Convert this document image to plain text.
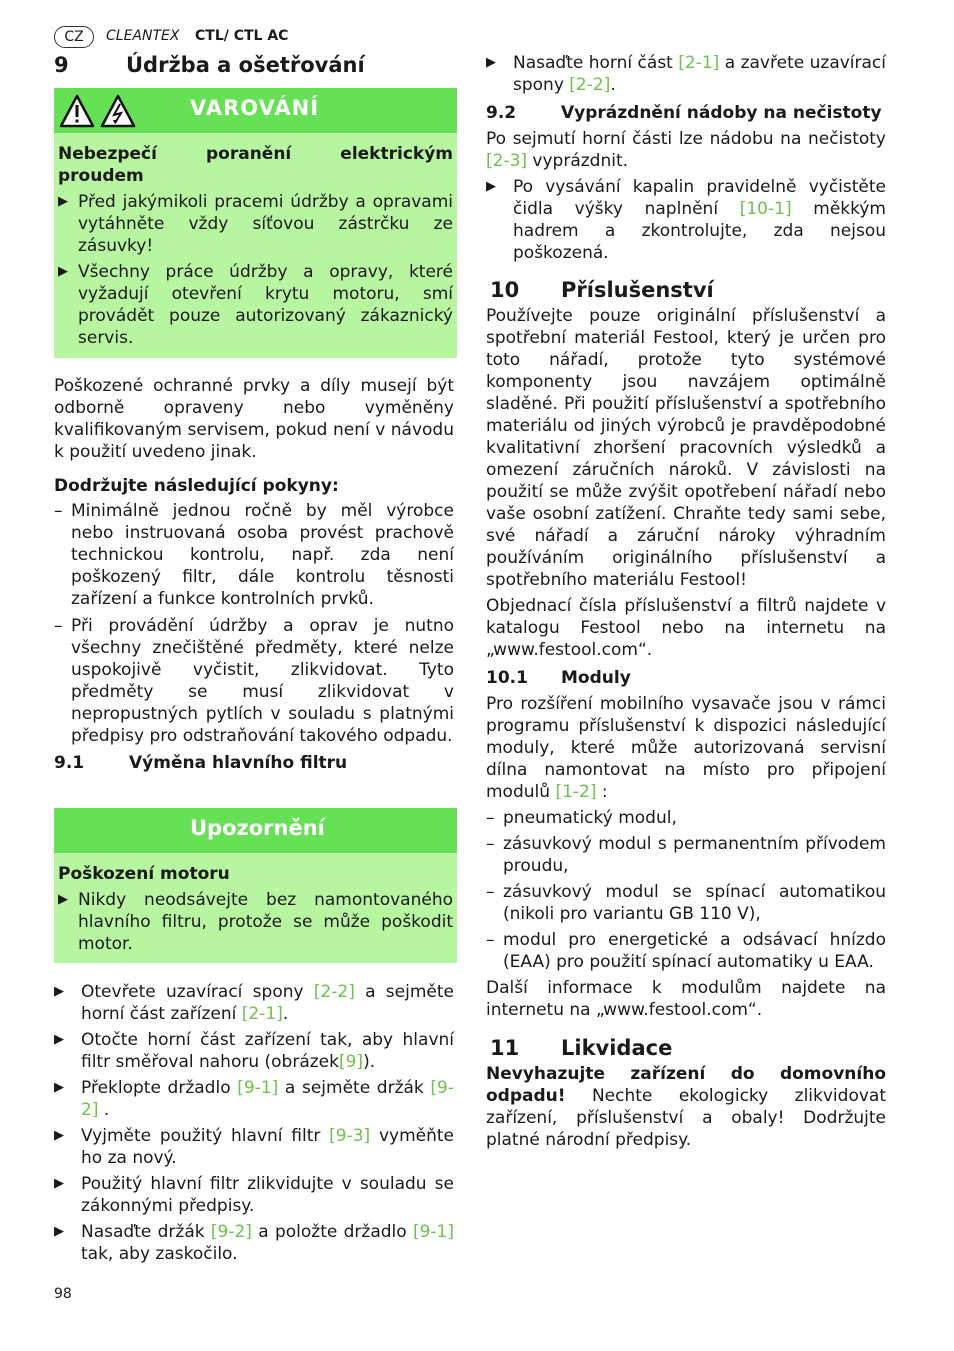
CZ	CLEANTEX CTL/ CTL AC
9	Údržba a ošetřování
VAROVÁNÍ

Nebezpečí poranění elektrickým proudem

▶ Před jakýmikoli pracemi údržby a opravami vytáhněte vždy síťovou zástrčku ze zásuvky!

▶ Všechny práce údržby a opravy, které vyžadují otevření krytu motoru, smí provádět pouze autorizovaný zákaznický servis.

Poškozené ochranné prvky a díly musejí být odborně opraveny nebo vyměněny kvalifikovaným servisem, pokud není v návodu k použití uvedeno jinak.

Dodržujte následující pokyny:

– Minimálně jednou ročně by měl výrobce nebo instruovaná osoba provést prachově technickou kontrolu, např. zda není poškozený filtr, dále kontrolu těsnosti zařízení a funkce kontrolních prvků.

– Při provádění údržby a oprav je nutno všechny znečištěné předměty, které nelze uspokojivě vyčistit, zlikvidovat. Tyto předměty se musí zlikvidovat v nepropustných pytlích v souladu s platnými předpisy pro odstraňování takového odpadu.

9.1	Výměna hlavního filtru
Upozornění

Poškození motoru

▶ Nikdy neodsávejte bez namontovaného hlavního filtru, protože se může poškodit motor.

▶ Otevřete uzavírací spony [2-2] a sejměte horní část zařízení [2-1].

▶ Otočte horní část zařízení tak, aby hlavní filtr směřoval nahoru (obrázek[9]).

▶ Překlopte držadlo [9-1] a sejměte držák [9-2] .

▶ Vyjměte použitý hlavní filtr [9-3] vyměňte ho za nový.

▶ Použitý hlavní filtr zlikvidujte v souladu se zákonnými předpisy.

▶ Nasaďte držák [9-2] a položte držadlo [9-1] tak, aby zaskočilo.

▶ Nasaďte horní část [2-1] a zavřete uzavírací spony [2-2].

9.2	Vyprázdnění nádoby na nečistoty

Po sejmutí horní části lze nádobu na nečistoty [2-3] vyprázdnit.

▶ Po vysávání kapalin pravidelně vyčistěte čidla výšky naplnění [10-1] měkkým hadrem a zkontrolujte, zda nejsou poškozená.

10 Příslušenství

Používejte pouze originální příslušenství a spotřební materiál Festool, který je určen pro toto nářadí, protože tyto systémové komponenty jsou navzájem optimálně sladěné. Při použití příslušenství a spotřebního materiálu od jiných výrobců je pravděpodobné kvalitativní zhoršení pracovních výsledků a omezení záručních nároků. V závislosti na použití se může zvýšit opotřebení nářadí nebo vaše osobní zatížení. Chraňte tedy sami sebe, své nářadí a záruční nároky výhradním používáním originálního příslušenství a spotřebního materiálu Festool!

Objednací čísla příslušenství a filtrů najdete v katalogu Festool nebo na internetu na „www.festool.com“.

10.1 Moduly

Pro rozšíření mobilního vysavače jsou v rámci programu příslušenství k dispozici následující moduly, které může autorizovaná servisní dílna namontovat na místo pro připojení modulů [1-2] :

– pneumatický modul,

– zásuvkový modul s permanentním přívodem proudu,

– zásuvkový modul se spínací automatikou (nikoli pro variantu GB 110 V),

– modul pro energetické a odsávací hnízdo (EAA) pro použití spínací automatiky u EAA.

Další informace k modulům najdete na internetu na „www.festool.com“.

11 Likvidace

Nevyhazujte zařízení do domovního odpadu! Nechte ekologicky zlikvidovat zařízení, příslušenství a obaly! Dodržujte platné národní předpisy.

98
